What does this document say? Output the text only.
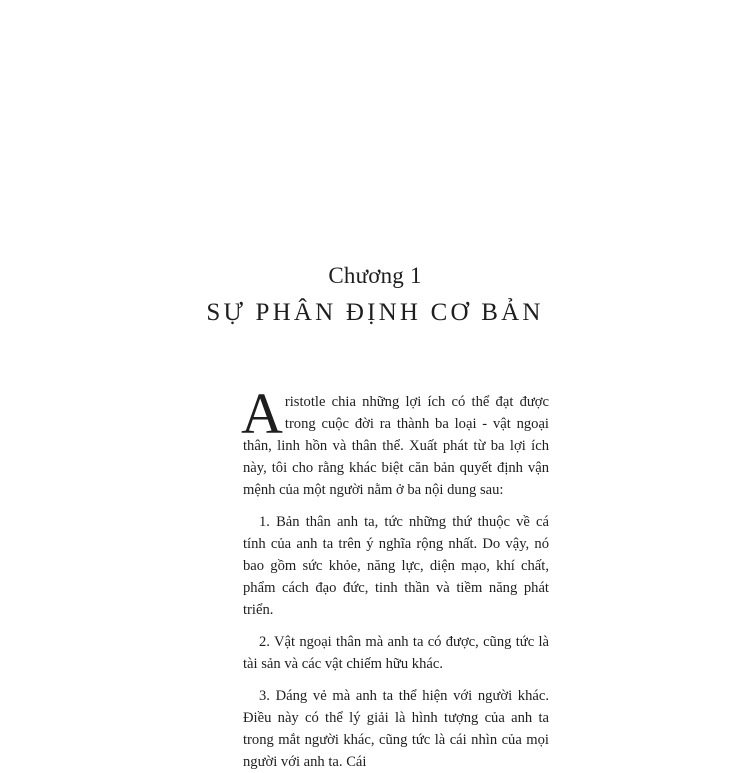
Chương 1
SỰ PHÂN ĐỊNH CƠ BẢN

Aristotle chia những lợi ích có thể đạt được trong cuộc đời ra thành ba loại - vật ngoại thân, linh hồn và thân thể. Xuất phát từ ba lợi ích này, tôi cho rằng khác biệt căn bản quyết định vận mệnh của một người nằm ở ba nội dung sau:

1. Bản thân anh ta, tức những thứ thuộc về cá tính của anh ta trên ý nghĩa rộng nhất. Do vậy, nó bao gồm sức khỏe, năng lực, diện mạo, khí chất, phẩm cách đạo đức, tinh thần và tiềm năng phát triển.

2. Vật ngoại thân mà anh ta có được, cũng tức là tài sản và các vật chiếm hữu khác.

3. Dáng vẻ mà anh ta thể hiện với người khác. Điều này có thể lý giải là hình tượng của anh ta trong mắt người khác, cũng tức là cái nhìn của mọi người với anh ta. Cái
